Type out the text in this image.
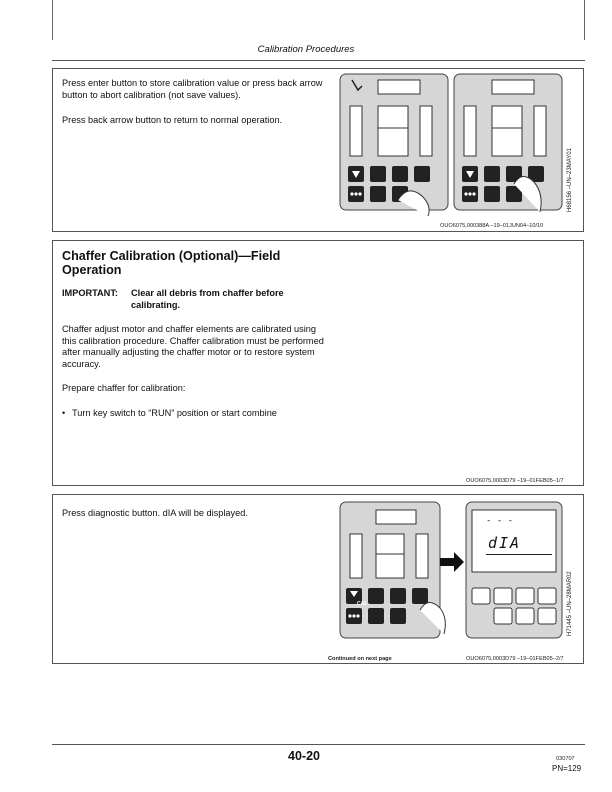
Calibration Procedures
Press enter button to store calibration value or press back arrow button to abort calibration (not save values).
Press back arrow button to return to normal operation.
H68156 –UN–23MAY01
OUO6075,000388A –19–01JUN04–10/10
Chaffer Calibration (Optional)—Field Operation
IMPORTANT:	Clear all debris from chaffer before calibrating.
Chaffer adjust motor and chaffer elements are calibrated using this calibration procedure. Chaffer calibration must be performed after manually adjusting the chaffer motor or to restore system accuracy.
Prepare chaffer for calibration:
• Turn key switch to “RUN” position or start combine
OUO6075,0003D79 –19–01FEB05–1/7
Press diagnostic button. dIA will be displayed.
CAL
- - -
dIA
H71445 –UN–28MAR02
Continued on next page	OUO6075,0003D79 –19–01FEB05–2/7
40-20	030707
PN=129
